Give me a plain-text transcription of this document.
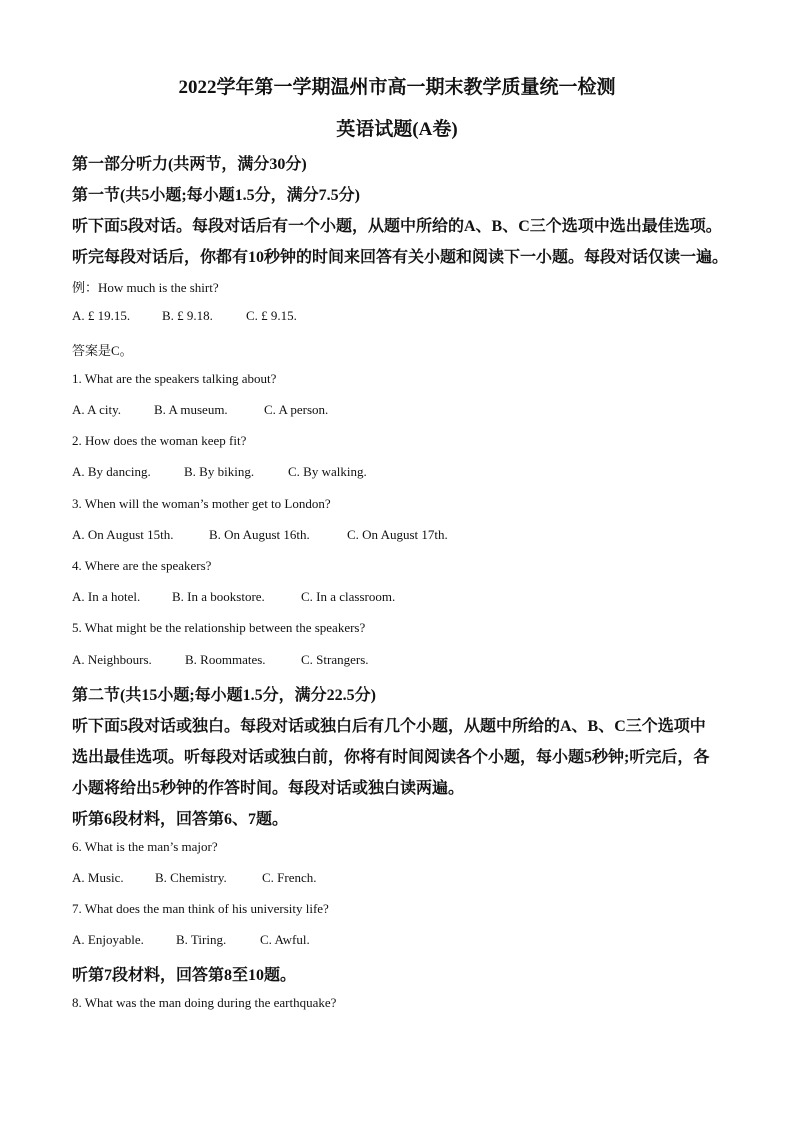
2022学年第一学期温州市高一期末教学质量统一检测
英语试题(A卷)
第一部分听力(共两节，满分30分)
第一节(共5小题;每小题1.5分，满分7.5分)
听下面5段对话。每段对话后有一个小题，从题中所给的A、B、C三个选项中选出最佳选项。
听完每段对话后，你都有10秒钟的时间来回答有关小题和阅读下一小题。每段对话仅读一遍。
例：How much is the shirt?
A. £ 19.15. B. £ 9.18.	C. £ 9.15.
答案是C。
1. What are the speakers talking about?
A. A city.	B. A museum.	C. A person.
2. How does the woman keep fit?
A. By dancing.	B. By biking.	C. By walking.
3. When will the woman’s mother get to London?
A. On August 15th.	B. On August 16th.	C. On August 17th.
4. Where are the speakers?
A. In a hotel. B. In a bookstore.	C. In a classroom.
5. What might be the relationship between the speakers?
A. Neighbours.	B. Roommates.	C. Strangers.
第二节(共15小题;每小题1.5分，满分22.5分)
听下面5段对话或独白。每段对话或独白后有几个小题，从题中所给的A、B、C三个选项中
选出最佳选项。听每段对话或独白前，你将有时间阅读各个小题，每小题5秒钟;听完后，各
小题将给出5秒钟的作答时间。每段对话或独白读两遍。
听第6段材料，回答第6、7题。
6. What is the man’s major?
A. Music. B. Chemistry.	C. French.
7. What does the man think of his university life?
A. Enjoyable. B. Tiring.	C. Awful.
听第7段材料，回答第8至10题。
8. What was the man doing during the earthquake?
